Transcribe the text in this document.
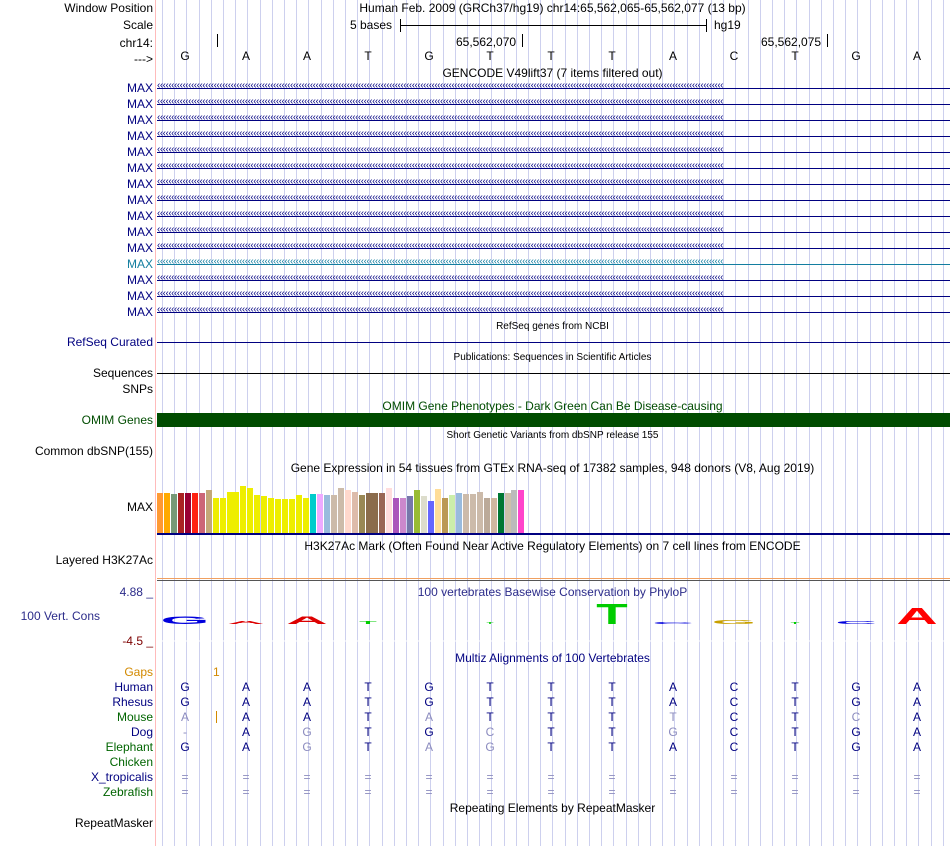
Window Position	Human Feb. 2009 (GRCh37/hg19) chr14:65,562,065-65,562,077 (13 bp)
Scale	5 bases	hg19
chr14:	65,562,070	65,562,075
--->	G	A	A	T	G	T	T	T	A	C	T	G	A
GENCODE V49lift37 (7 items filtered out)
MAX ‹‹‹‹‹‹‹‹‹‹‹‹‹‹‹‹‹‹‹‹‹‹‹‹‹‹‹‹‹‹‹‹‹‹‹‹‹‹‹‹‹‹‹‹‹‹‹‹‹‹‹‹‹‹‹‹‹‹‹‹‹‹‹‹‹‹‹‹‹‹‹‹‹‹‹‹‹‹‹‹‹‹‹‹‹‹‹‹‹‹‹‹‹‹‹‹‹‹‹‹‹‹‹‹‹‹‹‹‹‹‹‹‹‹‹‹‹‹‹‹‹‹‹‹‹‹‹‹‹‹‹‹‹‹‹‹‹‹‹‹‹‹‹‹‹‹‹‹‹‹‹‹‹‹‹‹‹‹‹‹‹‹‹‹‹‹‹‹‹‹‹‹‹‹‹‹‹‹‹‹‹‹‹‹‹‹‹‹‹‹‹‹‹‹‹‹‹‹‹‹
MAX ‹‹‹‹‹‹‹‹‹‹‹‹‹‹‹‹‹‹‹‹‹‹‹‹‹‹‹‹‹‹‹‹‹‹‹‹‹‹‹‹‹‹‹‹‹‹‹‹‹‹‹‹‹‹‹‹‹‹‹‹‹‹‹‹‹‹‹‹‹‹‹‹‹‹‹‹‹‹‹‹‹‹‹‹‹‹‹‹‹‹‹‹‹‹‹‹‹‹‹‹‹‹‹‹‹‹‹‹‹‹‹‹‹‹‹‹‹‹‹‹‹‹‹‹‹‹‹‹‹‹‹‹‹‹‹‹‹‹‹‹‹‹‹‹‹‹‹‹‹‹‹‹‹‹‹‹‹‹‹‹‹‹‹‹‹‹‹‹‹‹‹‹‹‹‹‹‹‹‹‹‹‹‹‹‹‹‹‹‹‹‹‹‹‹‹‹‹‹‹‹
MAX ‹‹‹‹‹‹‹‹‹‹‹‹‹‹‹‹‹‹‹‹‹‹‹‹‹‹‹‹‹‹‹‹‹‹‹‹‹‹‹‹‹‹‹‹‹‹‹‹‹‹‹‹‹‹‹‹‹‹‹‹‹‹‹‹‹‹‹‹‹‹‹‹‹‹‹‹‹‹‹‹‹‹‹‹‹‹‹‹‹‹‹‹‹‹‹‹‹‹‹‹‹‹‹‹‹‹‹‹‹‹‹‹‹‹‹‹‹‹‹‹‹‹‹‹‹‹‹‹‹‹‹‹‹‹‹‹‹‹‹‹‹‹‹‹‹‹‹‹‹‹‹‹‹‹‹‹‹‹‹‹‹‹‹‹‹‹‹‹‹‹‹‹‹‹‹‹‹‹‹‹‹‹‹‹‹‹‹‹‹‹‹‹‹‹‹‹‹‹‹‹
MAX ‹‹‹‹‹‹‹‹‹‹‹‹‹‹‹‹‹‹‹‹‹‹‹‹‹‹‹‹‹‹‹‹‹‹‹‹‹‹‹‹‹‹‹‹‹‹‹‹‹‹‹‹‹‹‹‹‹‹‹‹‹‹‹‹‹‹‹‹‹‹‹‹‹‹‹‹‹‹‹‹‹‹‹‹‹‹‹‹‹‹‹‹‹‹‹‹‹‹‹‹‹‹‹‹‹‹‹‹‹‹‹‹‹‹‹‹‹‹‹‹‹‹‹‹‹‹‹‹‹‹‹‹‹‹‹‹‹‹‹‹‹‹‹‹‹‹‹‹‹‹‹‹‹‹‹‹‹‹‹‹‹‹‹‹‹‹‹‹‹‹‹‹‹‹‹‹‹‹‹‹‹‹‹‹‹‹‹‹‹‹‹‹‹‹‹‹‹‹‹‹
MAX ‹‹‹‹‹‹‹‹‹‹‹‹‹‹‹‹‹‹‹‹‹‹‹‹‹‹‹‹‹‹‹‹‹‹‹‹‹‹‹‹‹‹‹‹‹‹‹‹‹‹‹‹‹‹‹‹‹‹‹‹‹‹‹‹‹‹‹‹‹‹‹‹‹‹‹‹‹‹‹‹‹‹‹‹‹‹‹‹‹‹‹‹‹‹‹‹‹‹‹‹‹‹‹‹‹‹‹‹‹‹‹‹‹‹‹‹‹‹‹‹‹‹‹‹‹‹‹‹‹‹‹‹‹‹‹‹‹‹‹‹‹‹‹‹‹‹‹‹‹‹‹‹‹‹‹‹‹‹‹‹‹‹‹‹‹‹‹‹‹‹‹‹‹‹‹‹‹‹‹‹‹‹‹‹‹‹‹‹‹‹‹‹‹‹‹‹‹‹‹‹
MAX ‹‹‹‹‹‹‹‹‹‹‹‹‹‹‹‹‹‹‹‹‹‹‹‹‹‹‹‹‹‹‹‹‹‹‹‹‹‹‹‹‹‹‹‹‹‹‹‹‹‹‹‹‹‹‹‹‹‹‹‹‹‹‹‹‹‹‹‹‹‹‹‹‹‹‹‹‹‹‹‹‹‹‹‹‹‹‹‹‹‹‹‹‹‹‹‹‹‹‹‹‹‹‹‹‹‹‹‹‹‹‹‹‹‹‹‹‹‹‹‹‹‹‹‹‹‹‹‹‹‹‹‹‹‹‹‹‹‹‹‹‹‹‹‹‹‹‹‹‹‹‹‹‹‹‹‹‹‹‹‹‹‹‹‹‹‹‹‹‹‹‹‹‹‹‹‹‹‹‹‹‹‹‹‹‹‹‹‹‹‹‹‹‹‹‹‹‹‹‹‹
MAX ‹‹‹‹‹‹‹‹‹‹‹‹‹‹‹‹‹‹‹‹‹‹‹‹‹‹‹‹‹‹‹‹‹‹‹‹‹‹‹‹‹‹‹‹‹‹‹‹‹‹‹‹‹‹‹‹‹‹‹‹‹‹‹‹‹‹‹‹‹‹‹‹‹‹‹‹‹‹‹‹‹‹‹‹‹‹‹‹‹‹‹‹‹‹‹‹‹‹‹‹‹‹‹‹‹‹‹‹‹‹‹‹‹‹‹‹‹‹‹‹‹‹‹‹‹‹‹‹‹‹‹‹‹‹‹‹‹‹‹‹‹‹‹‹‹‹‹‹‹‹‹‹‹‹‹‹‹‹‹‹‹‹‹‹‹‹‹‹‹‹‹‹‹‹‹‹‹‹‹‹‹‹‹‹‹‹‹‹‹‹‹‹‹‹‹‹‹‹‹‹
MAX ‹‹‹‹‹‹‹‹‹‹‹‹‹‹‹‹‹‹‹‹‹‹‹‹‹‹‹‹‹‹‹‹‹‹‹‹‹‹‹‹‹‹‹‹‹‹‹‹‹‹‹‹‹‹‹‹‹‹‹‹‹‹‹‹‹‹‹‹‹‹‹‹‹‹‹‹‹‹‹‹‹‹‹‹‹‹‹‹‹‹‹‹‹‹‹‹‹‹‹‹‹‹‹‹‹‹‹‹‹‹‹‹‹‹‹‹‹‹‹‹‹‹‹‹‹‹‹‹‹‹‹‹‹‹‹‹‹‹‹‹‹‹‹‹‹‹‹‹‹‹‹‹‹‹‹‹‹‹‹‹‹‹‹‹‹‹‹‹‹‹‹‹‹‹‹‹‹‹‹‹‹‹‹‹‹‹‹‹‹‹‹‹‹‹‹‹‹‹‹‹
MAX ‹‹‹‹‹‹‹‹‹‹‹‹‹‹‹‹‹‹‹‹‹‹‹‹‹‹‹‹‹‹‹‹‹‹‹‹‹‹‹‹‹‹‹‹‹‹‹‹‹‹‹‹‹‹‹‹‹‹‹‹‹‹‹‹‹‹‹‹‹‹‹‹‹‹‹‹‹‹‹‹‹‹‹‹‹‹‹‹‹‹‹‹‹‹‹‹‹‹‹‹‹‹‹‹‹‹‹‹‹‹‹‹‹‹‹‹‹‹‹‹‹‹‹‹‹‹‹‹‹‹‹‹‹‹‹‹‹‹‹‹‹‹‹‹‹‹‹‹‹‹‹‹‹‹‹‹‹‹‹‹‹‹‹‹‹‹‹‹‹‹‹‹‹‹‹‹‹‹‹‹‹‹‹‹‹‹‹‹‹‹‹‹‹‹‹‹‹‹‹‹
MAX ‹‹‹‹‹‹‹‹‹‹‹‹‹‹‹‹‹‹‹‹‹‹‹‹‹‹‹‹‹‹‹‹‹‹‹‹‹‹‹‹‹‹‹‹‹‹‹‹‹‹‹‹‹‹‹‹‹‹‹‹‹‹‹‹‹‹‹‹‹‹‹‹‹‹‹‹‹‹‹‹‹‹‹‹‹‹‹‹‹‹‹‹‹‹‹‹‹‹‹‹‹‹‹‹‹‹‹‹‹‹‹‹‹‹‹‹‹‹‹‹‹‹‹‹‹‹‹‹‹‹‹‹‹‹‹‹‹‹‹‹‹‹‹‹‹‹‹‹‹‹‹‹‹‹‹‹‹‹‹‹‹‹‹‹‹‹‹‹‹‹‹‹‹‹‹‹‹‹‹‹‹‹‹‹‹‹‹‹‹‹‹‹‹‹‹‹‹‹‹‹
MAX ‹‹‹‹‹‹‹‹‹‹‹‹‹‹‹‹‹‹‹‹‹‹‹‹‹‹‹‹‹‹‹‹‹‹‹‹‹‹‹‹‹‹‹‹‹‹‹‹‹‹‹‹‹‹‹‹‹‹‹‹‹‹‹‹‹‹‹‹‹‹‹‹‹‹‹‹‹‹‹‹‹‹‹‹‹‹‹‹‹‹‹‹‹‹‹‹‹‹‹‹‹‹‹‹‹‹‹‹‹‹‹‹‹‹‹‹‹‹‹‹‹‹‹‹‹‹‹‹‹‹‹‹‹‹‹‹‹‹‹‹‹‹‹‹‹‹‹‹‹‹‹‹‹‹‹‹‹‹‹‹‹‹‹‹‹‹‹‹‹‹‹‹‹‹‹‹‹‹‹‹‹‹‹‹‹‹‹‹‹‹‹‹‹‹‹‹‹‹‹‹
MAX ‹‹‹‹‹‹‹‹‹‹‹‹‹‹‹‹‹‹‹‹‹‹‹‹‹‹‹‹‹‹‹‹‹‹‹‹‹‹‹‹‹‹‹‹‹‹‹‹‹‹‹‹‹‹‹‹‹‹‹‹‹‹‹‹‹‹‹‹‹‹‹‹‹‹‹‹‹‹‹‹‹‹‹‹‹‹‹‹‹‹‹‹‹‹‹‹‹‹‹‹‹‹‹‹‹‹‹‹‹‹‹‹‹‹‹‹‹‹‹‹‹‹‹‹‹‹‹‹‹‹‹‹‹‹‹‹‹‹‹‹‹‹‹‹‹‹‹‹‹‹‹‹‹‹‹‹‹‹‹‹‹‹‹‹‹‹‹‹‹‹‹‹‹‹‹‹‹‹‹‹‹‹‹‹‹‹‹‹‹‹‹‹‹‹‹‹‹‹‹‹
MAX ‹‹‹‹‹‹‹‹‹‹‹‹‹‹‹‹‹‹‹‹‹‹‹‹‹‹‹‹‹‹‹‹‹‹‹‹‹‹‹‹‹‹‹‹‹‹‹‹‹‹‹‹‹‹‹‹‹‹‹‹‹‹‹‹‹‹‹‹‹‹‹‹‹‹‹‹‹‹‹‹‹‹‹‹‹‹‹‹‹‹‹‹‹‹‹‹‹‹‹‹‹‹‹‹‹‹‹‹‹‹‹‹‹‹‹‹‹‹‹‹‹‹‹‹‹‹‹‹‹‹‹‹‹‹‹‹‹‹‹‹‹‹‹‹‹‹‹‹‹‹‹‹‹‹‹‹‹‹‹‹‹‹‹‹‹‹‹‹‹‹‹‹‹‹‹‹‹‹‹‹‹‹‹‹‹‹‹‹‹‹‹‹‹‹‹‹‹‹‹‹
MAX ‹‹‹‹‹‹‹‹‹‹‹‹‹‹‹‹‹‹‹‹‹‹‹‹‹‹‹‹‹‹‹‹‹‹‹‹‹‹‹‹‹‹‹‹‹‹‹‹‹‹‹‹‹‹‹‹‹‹‹‹‹‹‹‹‹‹‹‹‹‹‹‹‹‹‹‹‹‹‹‹‹‹‹‹‹‹‹‹‹‹‹‹‹‹‹‹‹‹‹‹‹‹‹‹‹‹‹‹‹‹‹‹‹‹‹‹‹‹‹‹‹‹‹‹‹‹‹‹‹‹‹‹‹‹‹‹‹‹‹‹‹‹‹‹‹‹‹‹‹‹‹‹‹‹‹‹‹‹‹‹‹‹‹‹‹‹‹‹‹‹‹‹‹‹‹‹‹‹‹‹‹‹‹‹‹‹‹‹‹‹‹‹‹‹‹‹‹‹‹‹
MAX ‹‹‹‹‹‹‹‹‹‹‹‹‹‹‹‹‹‹‹‹‹‹‹‹‹‹‹‹‹‹‹‹‹‹‹‹‹‹‹‹‹‹‹‹‹‹‹‹‹‹‹‹‹‹‹‹‹‹‹‹‹‹‹‹‹‹‹‹‹‹‹‹‹‹‹‹‹‹‹‹‹‹‹‹‹‹‹‹‹‹‹‹‹‹‹‹‹‹‹‹‹‹‹‹‹‹‹‹‹‹‹‹‹‹‹‹‹‹‹‹‹‹‹‹‹‹‹‹‹‹‹‹‹‹‹‹‹‹‹‹‹‹‹‹‹‹‹‹‹‹‹‹‹‹‹‹‹‹‹‹‹‹‹‹‹‹‹‹‹‹‹‹‹‹‹‹‹‹‹‹‹‹‹‹‹‹‹‹‹‹‹‹‹‹‹‹‹‹‹‹
RefSeq genes from NCBI
RefSeq Curated
Publications: Sequences in Scientific Articles
Sequences
SNPs
OMIM Gene Phenotypes - Dark Green Can Be Disease-causing
OMIM Genes
Short Genetic Variants from dbSNP release 155
Common dbSNP(155)
Gene Expression in 54 tissues from GTEx RNA-seq of 17382 samples, 948 donors (V8, Aug 2019)
MAX
H3K27Ac Mark (Often Found Near Active Regulatory Elements) on 7 cell lines from ENCODE
Layered H3K27Ac
100 vertebrates Basewise Conservation by PhyloP
4.88 _
100 Vert. Cons
-4.5 _
G A A T	T	T C G T C A
Multiz Alignments of 100 Vertebrates
Gaps	1
Human	G	A	A	T	G	T	T	T	A	C	T	G	A
Rhesus	G	A	A	T	G	T	T	T	A	C	T	G	A
Mouse	A	A	A	T	A	T	T	T	T	C	T	C	A
Dog	-	A	G	T	G	C	T	T	G	C	T	G	A
Elephant	G	A	G	T	A	G	T	T	A	C	T	G	A
Chicken
X_tropicalis	=	=	=	=	=	=	=	=	=	=	=	=	=
Zebrafish	=	=	=	=	=	=	=	=	=	=	=	=	=
Repeating Elements by RepeatMasker
RepeatMasker
